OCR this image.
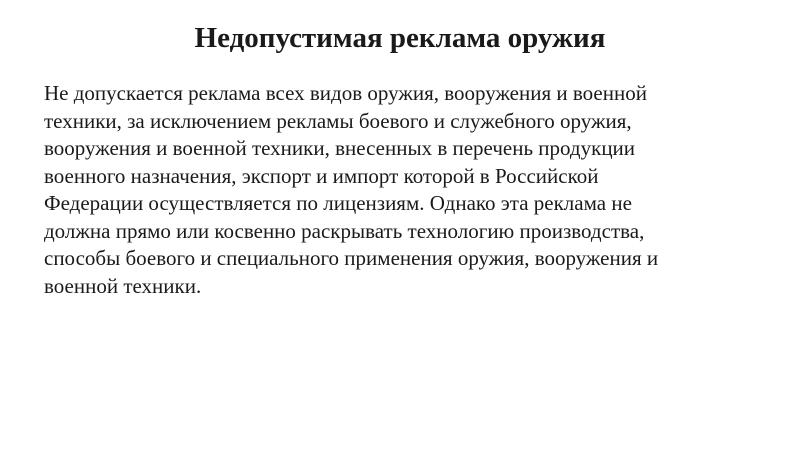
Недопустимая реклама оружия
Не допускается реклама всех видов оружия, вооружения и военной
техники, за исключением рекламы боевого и служебного оружия,
вооружения и военной техники, внесенных в перечень продукции
военного назначения, экспорт и импорт которой в Российской
Федерации осуществляется по лицензиям. Однако эта реклама не
должна прямо или косвенно раскрывать технологию производства,
способы боевого и специального применения оружия, вооружения и
военной техники.
